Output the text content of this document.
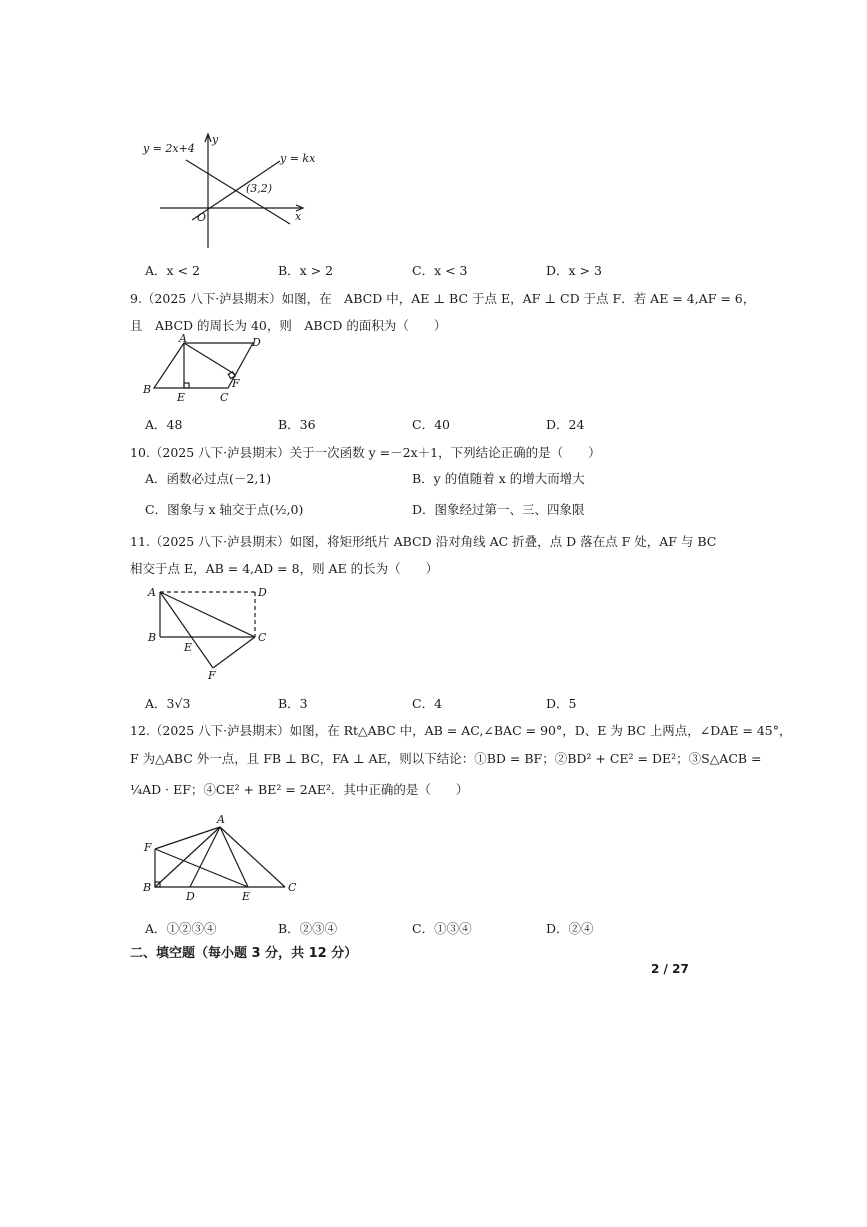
y = 2x+4
y = kx
(3,2)
y
x
O
A．x < 2	B．x > 2	C．x < 3	D．x > 3
9.（2025 八下·泸县期末）如图，在　ABCD 中，AE ⊥ BC 于点 E，AF ⊥ CD 于点 F．若 AE = 4,AF = 6，
且　ABCD 的周长为 40，则　ABCD 的面积为（　　）
A	D
B
E	C
F
A．48	B．36	C．40	D．24
10.（2025 八下·泸县期末）关于一次函数 y =－2x＋1，下列结论正确的是（　　）
A．函数必过点(－2,1)	B．y 的值随着 x 的增大而增大
C．图象与 x 轴交于点(½,0)	D．图象经过第一、三、四象限
11.（2025 八下·泸县期末）如图，将矩形纸片 ABCD 沿对角线 AC 折叠，点 D 落在点 F 处，AF 与 BC
相交于点 E，AB = 4,AD = 8，则 AE 的长为（　　）
A	D
B	C
E
F
A．3√3	B．3	C．4	D．5
12.（2025 八下·泸县期末）如图，在 Rt△ABC 中，AB = AC,∠BAC = 90°，D、E 为 BC 上两点，∠DAE = 45°，
F 为△ABC 外一点，且 FB ⊥ BC，FA ⊥ AE，则以下结论：①BD = BF；②BD² + CE² = DE²；③S△ACB =
¼AD · EF；④CE² + BE² = 2AE²．其中正确的是（　　）
A
F
B
D	E
C
A．①②③④	B．②③④	C．①③④	D．②④
二、填空题（每小题 3 分，共 12 分）
2 / 27
